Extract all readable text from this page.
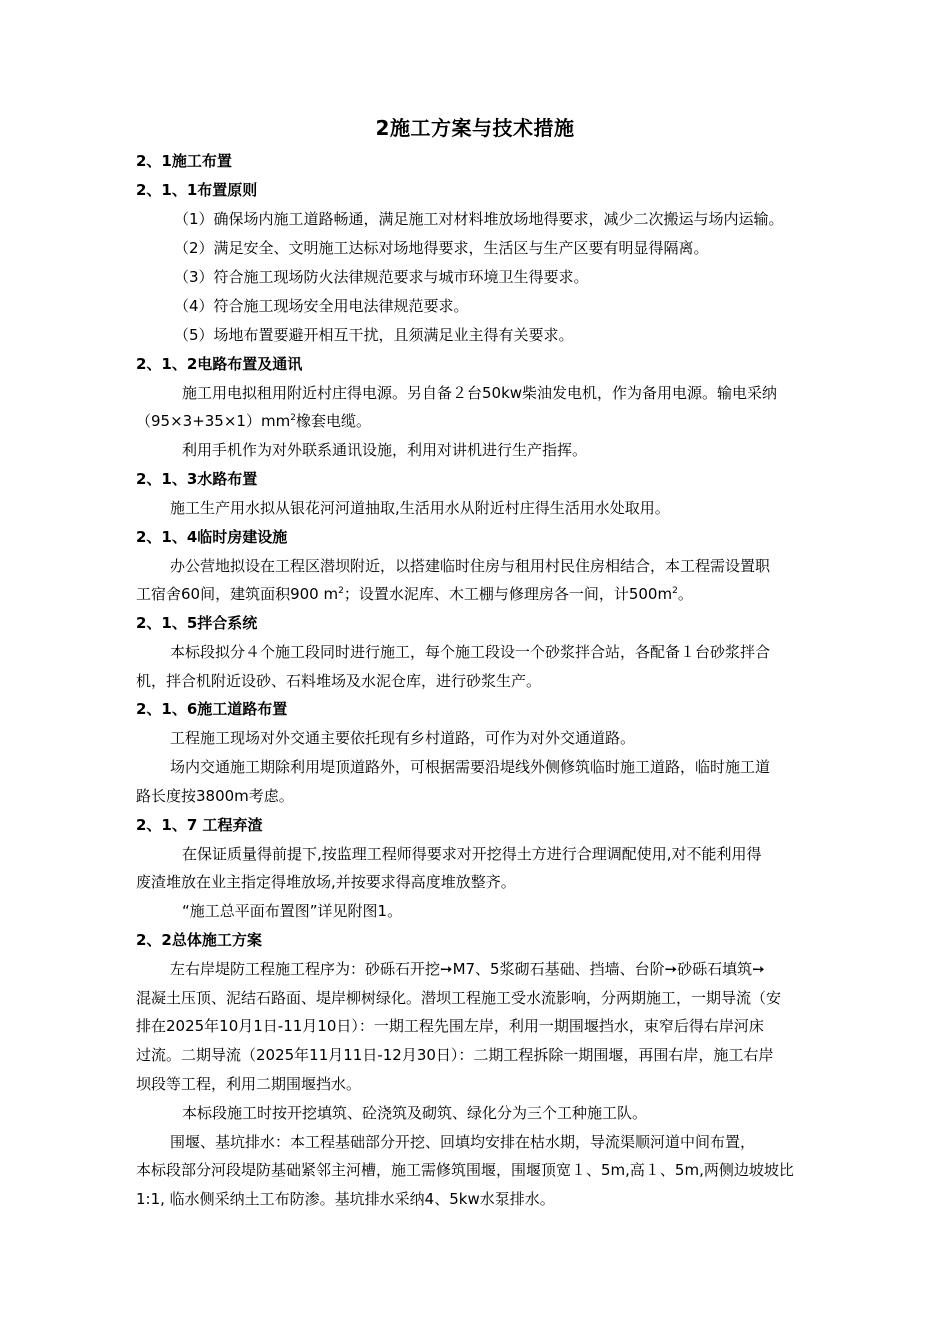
2施工方案与技术措施
2、1施工布置
2、1、1布置原则
（1）确保场内施工道路畅通，满足施工对材料堆放场地得要求，减少二次搬运与场内运输。
（2）满足安全、文明施工达标对场地得要求，生活区与生产区要有明显得隔离。
（3）符合施工现场防火法律规范要求与城市环境卫生得要求。
（4）符合施工现场安全用电法律规范要求。
（5）场地布置要避开相互干扰，且须满足业主得有关要求。
2、1、2电路布置及通讯
施工用电拟租用附近村庄得电源。另自备２台50kw柴油发电机，作为备用电源。输电采纳
$(95\times 3+35\times 1)mm^2$橡套电缆。
利用手机作为对外联系通讯设施，利用对讲机进行生产指挥。
2、1、3水路布置
施工生产用水拟从银花河河道抽取,生活用水从附近村庄得生活用水处取用。
2、1、4临时房建设施
办公营地拟设在工程区潜坝附近，以搭建临时住房与租用村民住房相结合，本工程需设置职
工宿舍60间，建筑面积900 $m^2$；设置水泥库、木工棚与修理房各一间，计$500m^2$。
2、1、5拌合系统
本标段拟分４个施工段同时进行施工，每个施工段设一个砂浆拌合站，各配备１台砂浆拌合
机，拌合机附近设砂、石料堆场及水泥仓库，进行砂浆生产。
2、1、6施工道路布置
工程施工现场对外交通主要依托现有乡村道路，可作为对外交通道路。
场内交通施工期除利用堤顶道路外，可根据需要沿堤线外侧修筑临时施工道路，临时施工道
路长度按3800m考虑。
2、1、7 工程弃渣
在保证质量得前提下,按监理工程师得要求对开挖得土方进行合理调配使用,对不能利用得
废渣堆放在业主指定得堆放场,并按要求得高度堆放整齐。
“施工总平面布置图”详见附图1。
2、2总体施工方案
左右岸堤防工程施工程序为：砂砾石开挖➙M7、5浆砌石基础、挡墙、台阶➙砂砾石填筑➙
混凝土压顶、泥结石路面、堤岸柳树绿化。潜坝工程施工受水流影响，分两期施工，一期导流（安
排在2025年10月1日-11月10日）：一期工程先围左岸，利用一期围堰挡水，束窄后得右岸河床
过流。二期导流（2025年11月11日-12月30日）：二期工程拆除一期围堰，再围右岸，施工右岸
坝段等工程，利用二期围堰挡水。
本标段施工时按开挖填筑、砼浇筑及砌筑、绿化分为三个工种施工队。
围堰、基坑排水：本工程基础部分开挖、回填均安排在枯水期，导流渠顺河道中间布置，
本标段部分河段堤防基础紧邻主河槽，施工需修筑围堰，围堰顶宽１、5m,高１、5m,两侧边坡坡比
1:1, 临水侧采纳土工布防渗。基坑排水采纳4、5kw水泵排水。
